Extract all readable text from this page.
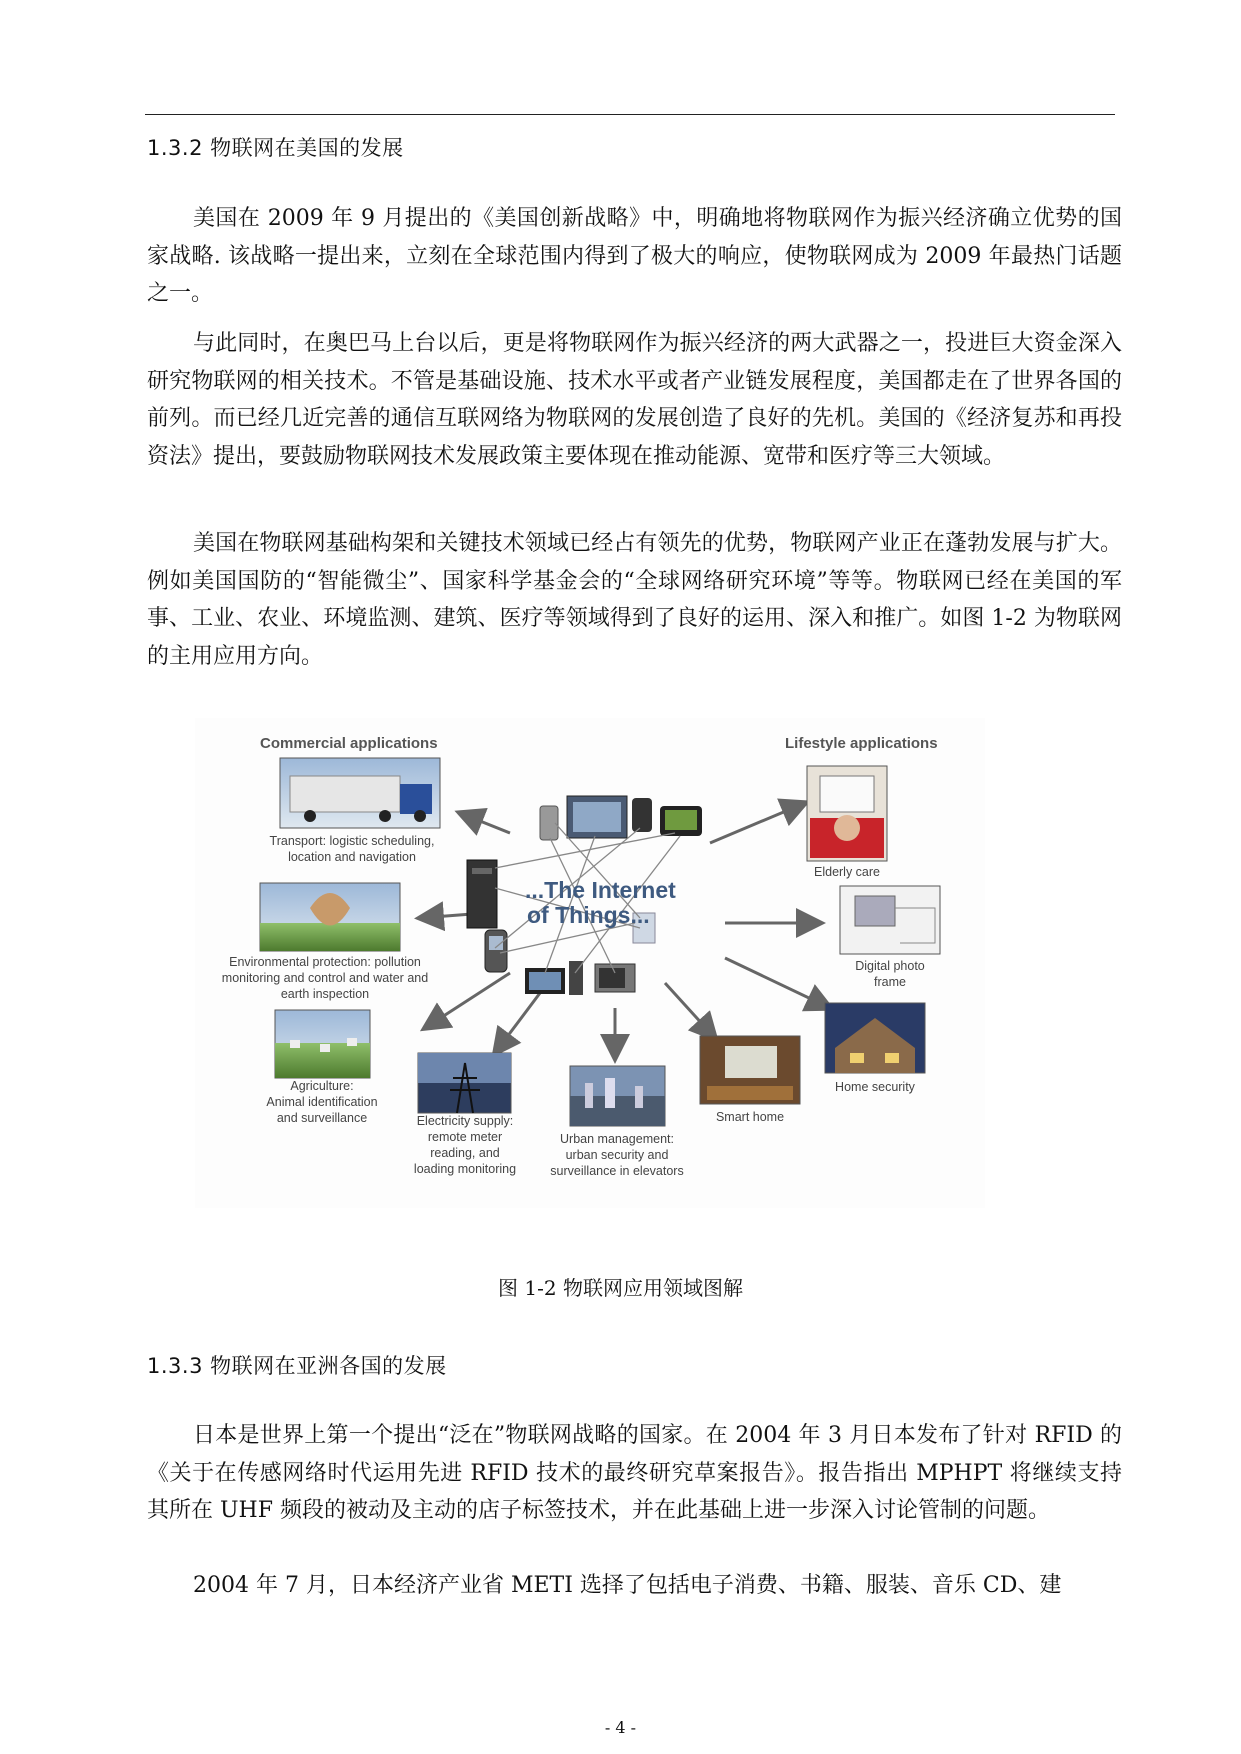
1.3.2 物联网在美国的发展

美国在 2009 年 9 月提出的《美国创新战略》中，明确地将物联网作为振兴经济确立优势的国家战略. 该战略一提出来，立刻在全球范围内得到了极大的响应，使物联网成为 2009 年最热门话题之一。

与此同时，在奥巴马上台以后，更是将物联网作为振兴经济的两大武器之一，投进巨大资金深入研究物联网的相关技术。不管是基础设施、技术水平或者产业链发展程度，美国都走在了世界各国的前列。而已经几近完善的通信互联网络为物联网的发展创造了良好的先机。美国的《经济复苏和再投资法》提出，要鼓励物联网技术发展政策主要体现在推动能源、宽带和医疗等三大领域。

美国在物联网基础构架和关键技术领域已经占有领先的优势，物联网产业正在蓬勃发展与扩大。例如美国国防的“智能微尘”、国家科学基金会的“全球网络研究环境”等等。物联网已经在美国的军事、工业、农业、环境监测、建筑、医疗等领域得到了良好的运用、深入和推广。如图 1-2 为物联网的主用应用方向。

Commercial applications	Lifestyle applications
...The Internet
of Things...
Transport: logistic scheduling,
location and navigation
Environmental protection: pollution
monitoring and control and water and
earth inspection
Agriculture:
Animal identification
and surveillance	Electricity supply:
remote meter
reading, and
loading monitoring
Urban management:
urban security and
surveillance in elevators
Smart home
Home security
Digital photo
frame
Elderly care
图 1-2 物联网应用领域图解
1.3.3 物联网在亚洲各国的发展

日本是世界上第一个提出“泛在”物联网战略的国家。在 2004 年 3 月日本发布了针对 RFID 的 《关于在传感网络时代运用先进 RFID 技术的最终研究草案报告》。报告指出 MPHPT 将继续支持其所在 UHF 频段的被动及主动的店子标签技术，并在此基础上进一步深入讨论管制的问题。

2004 年 7 月，日本经济产业省 METI 选择了包括电子消费、书籍、服装、音乐 CD、建

- 4 -
